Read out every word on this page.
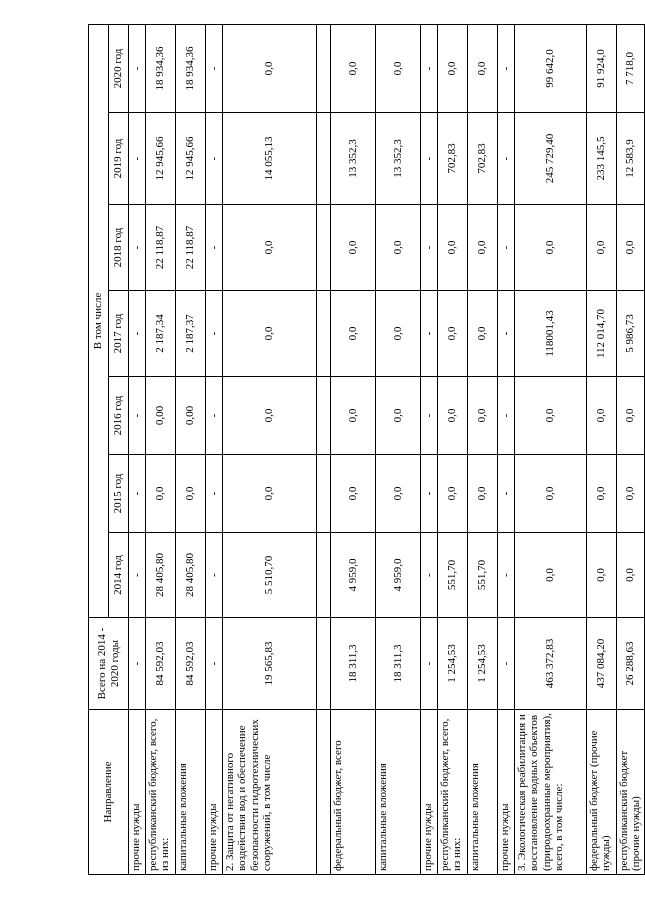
Направление	Всего на 2014 - 2020 годы	В том числе						
		2014 год	2015 год	2016 год	2017 год	2018 год	2019 год	2020 год
прочие нужды	-	-	-	-	-	-	-	-
республиканский бюджет, всего, из них:	84 592,03	28 405,80	0,0	0,00	2 187,34	22 118,87	12 945,66	18 934,36
капитальные вложения	84 592,03	28 405,80	0,0	0,00	2 187,37	22 118,87	12 945,66	18 934,36
прочие нужды	-	-	-	-	-	-	-	-
2. Защита от негативного воздействия вод и обеспечение безопасности гидротехнических сооружений, в том числе	19 565,83	5 510,70	0,0	0,0	0,0	0,0	14 055,13	0,0

федеральный бюджет, всего	18 311,3	4 959,0	0,0	0,0	0,0	0,0	13 352,3	0,0
капитальные вложения	18 311,3	4 959,0	0,0	0,0	0,0	0,0	13 352,3	0,0
прочие нужды	-	-	-	-	-	-	-	-
республиканский бюджет, всего, из них:	1 254,53	551,70	0,0	0,0	0,0	0,0	702,83	0,0
капитальные вложения	1 254,53	551,70	0,0	0,0	0,0	0,0	702,83	0,0
прочие нужды	-	-	-	-	-	-	-	-
3. Экологическая реабилитация и восстановление водных объектов (природоохранные мероприятия), всего, в том числе:	463 372,83	0,0	0,0	0,0	118001,43	0,0	245 729,40	99 642,0
федеральный бюджет (прочие нужды)	437 084,20	0,0	0,0	0,0	112 014,70	0,0	233 145,5	91 924,0
республиканский бюджет (прочие нужды)	26 288,63	0,0	0,0	0,0	5 986,73	0,0	12 583,9	7 718,0
